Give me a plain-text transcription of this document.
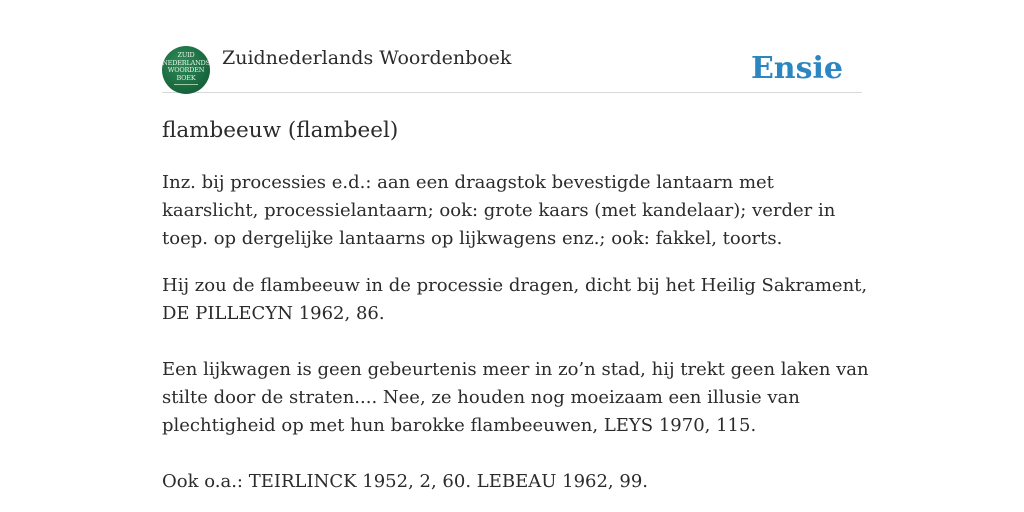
ZUID
NEDERLANDS
WOORDEN
BOEK
Zuidnederlands Woordenboek	Ensie
flambeeuw (flambeel)

Inz. bij processies e.d.: aan een draagstok bevestigde lantaarn met kaarslicht, processielantaarn; ook: grote kaars (met kandelaar); verder in toep. op dergelijke lantaarns op lijkwagens enz.; ook: fakkel, toorts.

Hij zou de flambeeuw in de processie dragen, dicht bij het Heilig Sakrament, DE PILLECYN 1962, 86.

Een lijkwagen is geen gebeurtenis meer in zo’n stad, hij trekt geen laken van stilte door de straten.... Nee, ze houden nog moeizaam een illusie van plechtigheid op met hun barokke flambeeuwen, LEYS 1970, 115.

Ook o.a.: TEIRLINCK 1952, 2, 60. LEBEAU 1962, 99.
